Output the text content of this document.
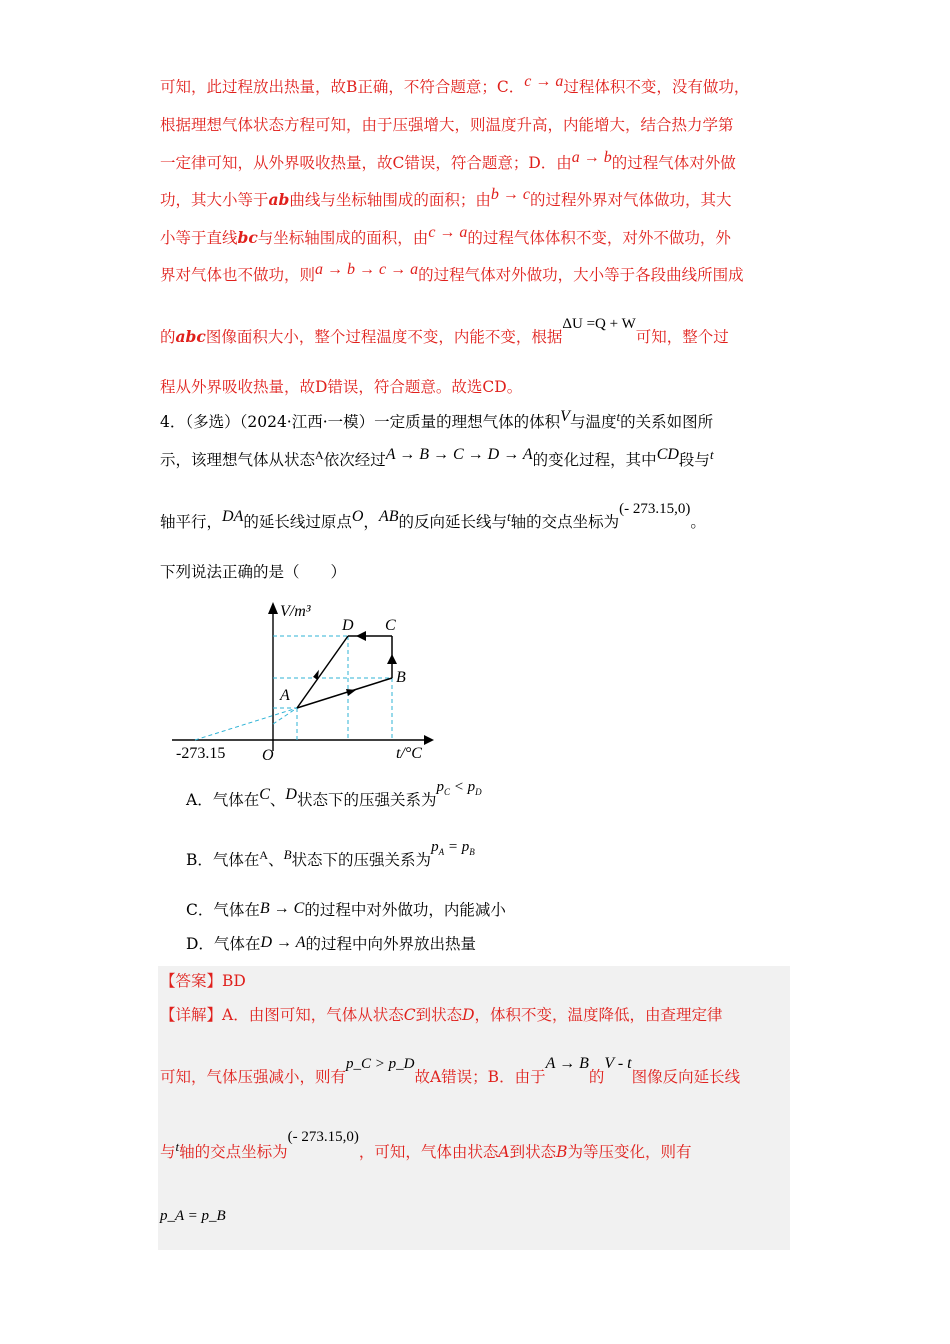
可知，此过程放出热量，故B正确，不符合题意；C．c → a过程体积不变，没有做功，
根据理想气体状态方程可知，由于压强增大，则温度升高，内能增大，结合热力学第
一定律可知，从外界吸收热量，故C错误，符合题意；D．由a → b的过程气体对外做
功，其大小等于ab曲线与坐标轴围成的面积；由b → c的过程外界对气体做功，其大
小等于直线bc与坐标轴围成的面积，由c → a的过程气体体积不变，对外不做功，外
界对气体也不做功，则a → b → c → a的过程气体对外做功，大小等于各段曲线所围成
的abc图像面积大小，整个过程温度不变，内能不变，根据ΔU =Q + W可知，整个过
程从外界吸收热量，故D错误，符合题意。故选CD。
4．（多选）（2024·江西·一模）一定质量的理想气体的体积V与温度$^t$的关系如图所
示，该理想气体从状态$^A$依次经过A → B → C → D → A的变化过程，其中CD段与$^t$
轴平行，DA的延长线过原点O，AB的反向延长线与$^t$轴的交点坐标为(- 273.15,0)。
下列说法正确的是（　　）
V/m³
D C
B
A
-273.15 O	t/°C
A．气体在C、D状态下的压强关系为$p_C < p_D$
B．气体在$^A$、$^B$状态下的压强关系为$p_A = p_B$
C．气体在B → C的过程中对外做功，内能减小
D．气体在D → A的过程中向外界放出热量
【答案】BD
【详解】A．由图可知，气体从状态C到状态D，体积不变，温度降低，由查理定律
可知，气体压强减小，则有p_C > p_D故A错误；B．由于A → B的V - t图像反向延长线
与$^t$轴的交点坐标为(- 273.15,0)，可知，气体由状态A到状态B为等压变化，则有
p_A = p_B
